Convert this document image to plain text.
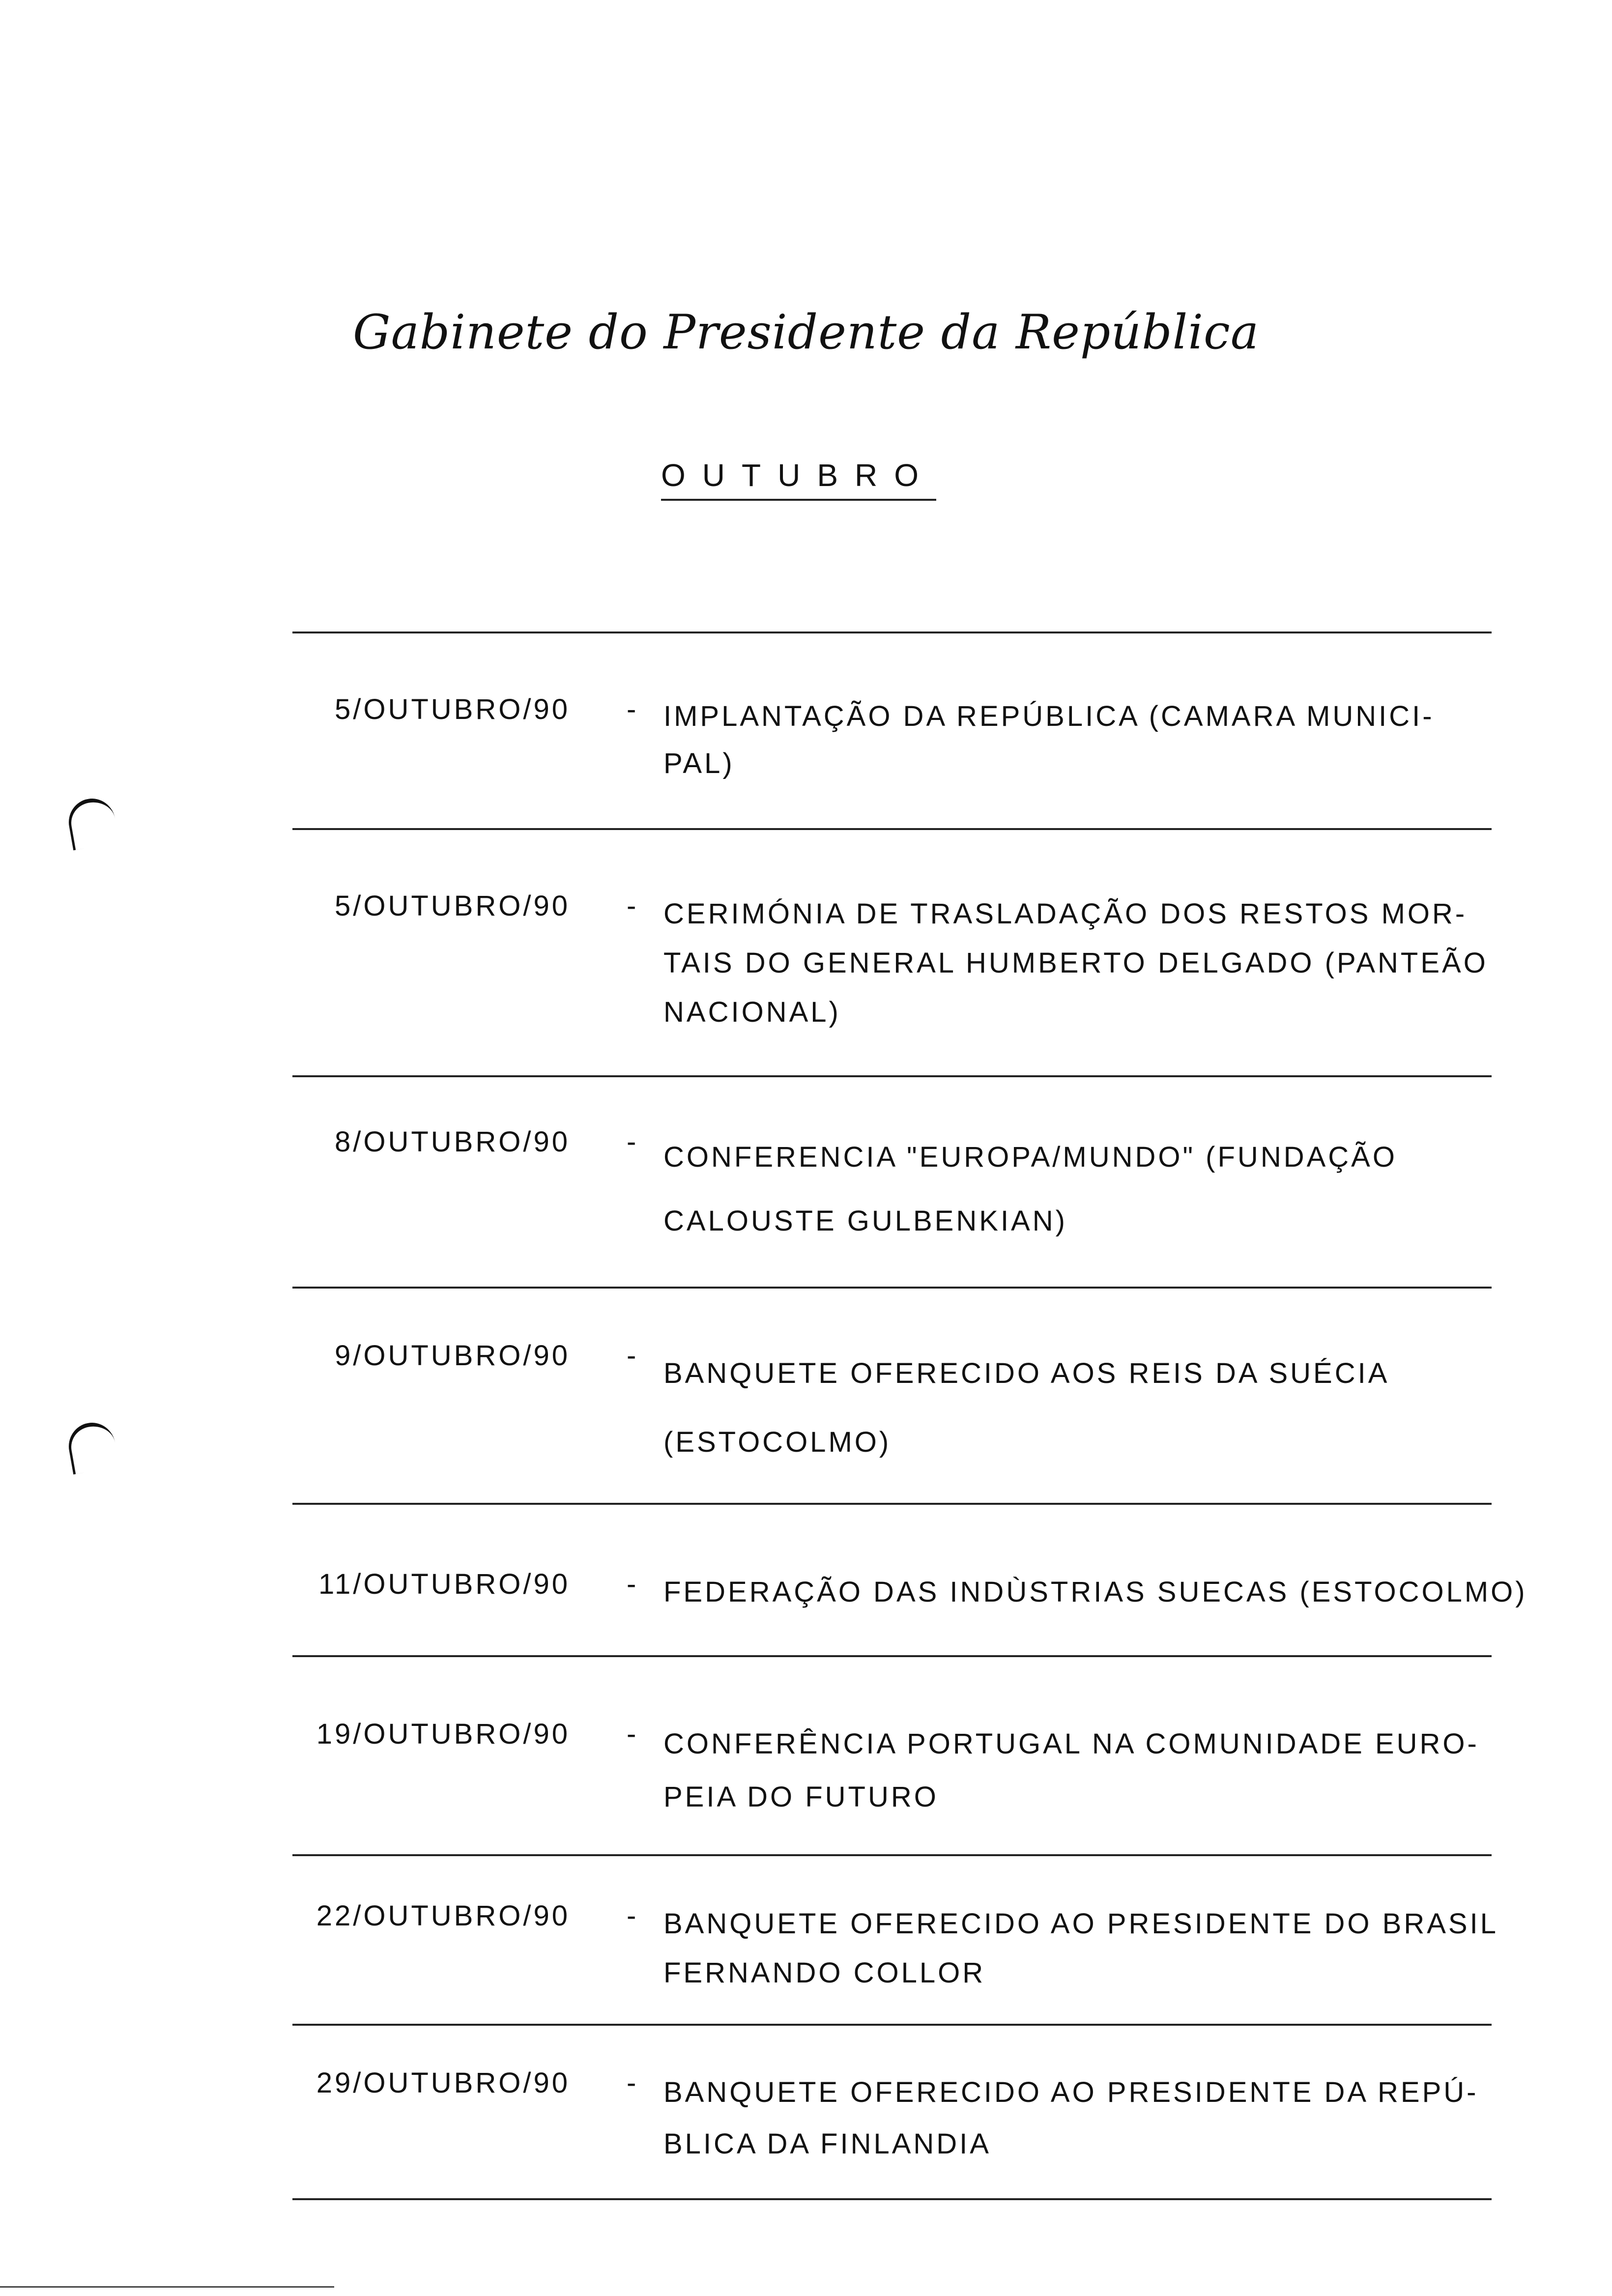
Gabinete do Presidente da República
OUTUBRO
5/OUTUBRO/90 - IMPLANTAÇÃO DA REPÚBLICA (CAMARA MUNICI-
PAL)
5/OUTUBRO/90 - CERIMÓNIA DE TRASLADAÇÃO DOS RESTOS MOR-
TAIS DO GENERAL HUMBERTO DELGADO (PANTEÃO
NACIONAL)
8/OUTUBRO/90 - CONFERENCIA "EUROPA/MUNDO" (FUNDAÇÃO
CALOUSTE GULBENKIAN)
9/OUTUBRO/90 -
BANQUETE OFERECIDO AOS REIS DA SUÉCIA
(ESTOCOLMO)
11/OUTUBRO/90 - FEDERAÇÃO DAS INDÙSTRIAS SUECAS (ESTOCOLMO)
19/OUTUBRO/90 - CONFERÊNCIA PORTUGAL NA COMUNIDADE EURO-
PEIA DO FUTURO
22/OUTUBRO/90 - BANQUETE OFERECIDO AO PRESIDENTE DO BRASIL
FERNANDO COLLOR
29/OUTUBRO/90 - BANQUETE OFERECIDO AO PRESIDENTE DA REPÚ-
BLICA DA FINLANDIA
